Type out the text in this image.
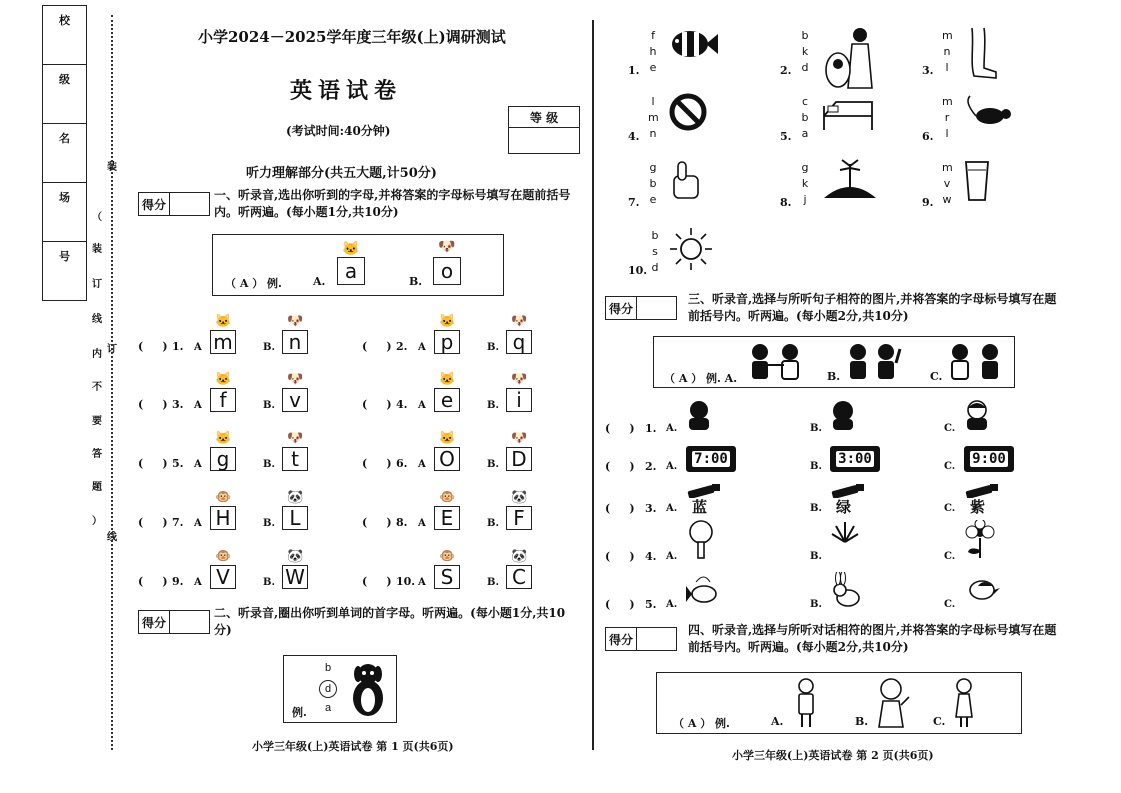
校
级
名
场
号
装
（
装
订
线
内
不
要
答
题
）
订
线
小学2024－2025学年度三年级(上)调研测试
英语试卷
(考试时间:40分钟)
等 级
听力理解部分(共五大题,计50分)
得分
一、听录音,选出你听到的字母,并将答案的字母标号填写在题前括号内。听两遍。(每小题1分,共10分)
（ A ） 例.	A. a
🐱
B. o
🐶
(     ) 1. A m
🐱
B. n
🐶
(     ) 2. A p
🐱
B. q
🐶
(     ) 3. A f
🐱
B. v
🐶
(     ) 4. A e
🐱
B. i
🐶
(     ) 5. A g
🐱
B. t
🐶
(     ) 6. A O
🐱
B. D
🐶
(     ) 7. A H
🐵
B. L
🐼
(     ) 8. A E
🐵
B. F
🐼
(     ) 9. A V
🐵
B. W
🐼
(     ) 10. A S
🐵
B. C
🐼
得分
二、听录音,圈出你听到单词的首字母。听两遍。(每小题1分,共10分)
例.
b
d
a
小学三年级(上)英语试卷 第 1 页(共6页)
1.
f
h
e	2.
b
k
d	3.
m
n
l
4.
l
m
n	5.
c
b
a	6.
m
r
l
7.
g
b
e	8.
g
k
j	9.
m
v
w
10.
b
s
d
得分
三、听录音,选择与所听句子相符的图片,并将答案的字母标号填写在题前括号内。听两遍。(每小题2分,共10分)
（ A ） 例. A.	B.	C.
(     ) 1. A.	B.	C.
(     ) 2. A. 7:00	B. 3:00	C. 9:00
(     ) 3. A. 蓝	B. 绿	C. 紫
(     ) 4. A.	B.	C.
(     ) 5. A.	B.	C.
得分
四、听录音,选择与所听对话相符的图片,并将答案的字母标号填写在题前括号内。听两遍。(每小题2分,共10分)
（ A ） 例.	A.	B.	C.
小学三年级(上)英语试卷 第 2 页(共6页)
